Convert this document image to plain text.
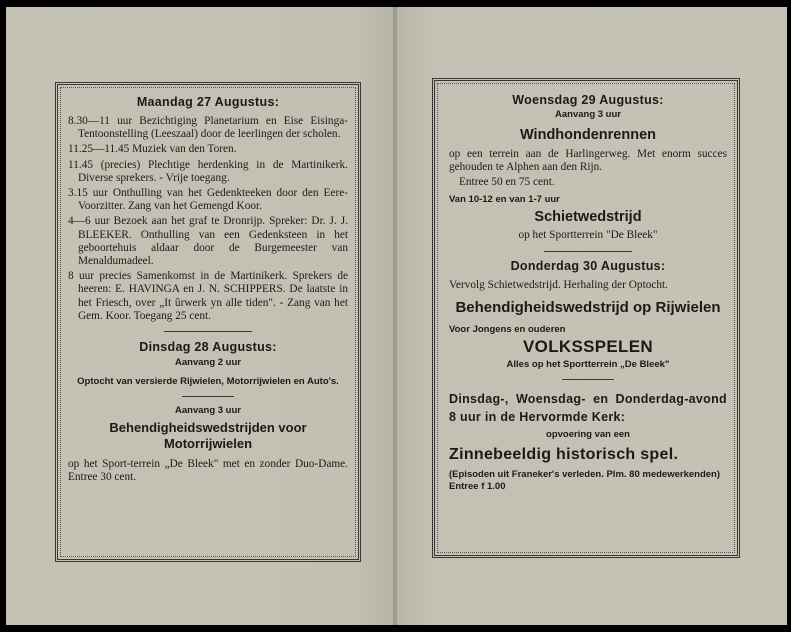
Maandag 27 Augustus:
8.30—11 uur Bezichtiging Planetarium en Eise Eisinga-Tentoonstelling (Leeszaal) door de leerlingen der scholen.
11.25—11.45 Muziek van den Toren.
11.45 (precies) Plechtige herdenking in de Martinikerk. Diverse sprekers. - Vrije toegang.
3.15 uur Onthulling van het Gedenkteeken door den Eere-Voorzitter. Zang van het Gemengd Koor.
4—6 uur Bezoek aan het graf te Dronrijp. Spreker: Dr. J. J. BLEEKER. Onthulling van een Gedenksteen in het geboortehuis aldaar door de Burgemeester van Menaldumadeel.
8 uur precies Samenkomst in de Martinikerk. Sprekers de heeren: E. HAVINGA en J. N. SCHIPPERS. De laatste in het Friesch, over „It ûrwerk yn alle tiden". - Zang van het Gem. Koor. Toegang 25 cent.
Dinsdag 28 Augustus:
Aanvang 2 uur
Optocht van versierde Rijwielen, Motorrijwielen en Auto's.
Aanvang 3 uur
Behendigheidswedstrijden voor Motorrijwielen
op het Sport-terrein „De Bleek" met en zonder Duo-Dame. Entree 30 cent.
Woensdag 29 Augustus:
Aanvang 3 uur
Windhondenrennen
op een terrein aan de Harlingerweg. Met enorm succes gehouden te Alphen aan den Rijn.
Entree 50 en 75 cent.
Van 10-12 en van 1-7 uur
Schietwedstrijd
op het Sportterrein "De Bleek"
Donderdag 30 Augustus:
Vervolg Schietwedstrijd. Herhaling der Optocht.
Behendigheidswedstrijd op Rijwielen
Voor Jongens en ouderen
VOLKSSPELEN
Alles op het Sportterrein „De Bleek"
Dinsdag-, Woensdag- en Donderdag-avond 8 uur in de Hervormde Kerk:
opvoering van een
Zinnebeeldig historisch spel.
(Episoden uit Franeker's verleden. Plm. 80 medewerkenden) Entree f 1.00
